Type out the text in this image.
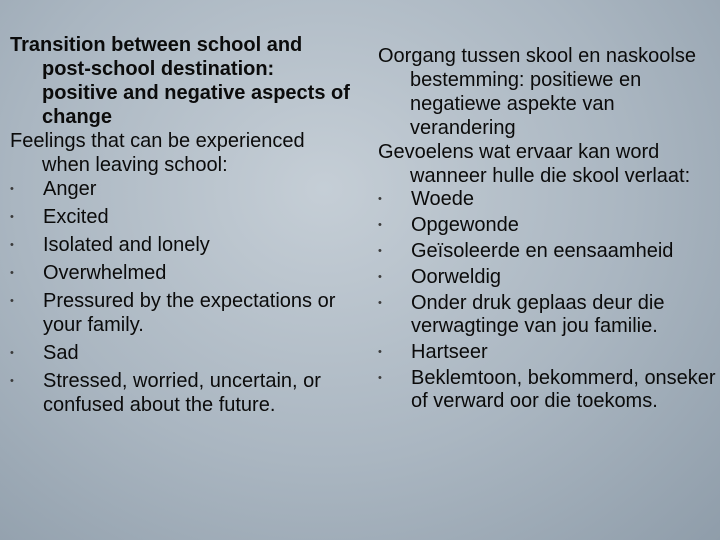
Transition between school and post-school destination: positive and negative aspects of change

Feelings that can be experienced when leaving school:

• Anger
• Excited
• Isolated and lonely
• Overwhelmed
• Pressured by the expectations or your family.
• Sad
• Stressed, worried, uncertain, or confused about the future.

Oorgang tussen skool en naskoolse bestemming: positiewe en negatiewe aspekte van verandering

Gevoelens wat ervaar kan word wanneer hulle die skool verlaat:

• Woede
• Opgewonde
• Geïsoleerde en eensaamheid
• Oorweldig
• Onder druk geplaas deur die verwagtinge van jou familie.
• Hartseer
• Beklemtoon, bekommerd, onseker of verward oor die toekoms.
